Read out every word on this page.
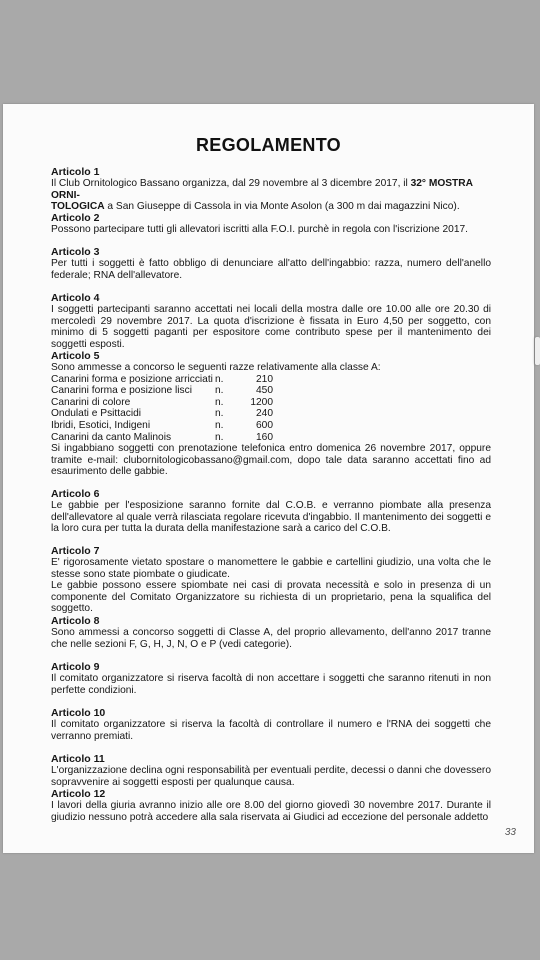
REGOLAMENTO
Articolo 1

Il Club Ornitologico Bassano organizza, dal 29 novembre al 3 dicembre 2017, il 32° MOSTRA ORNI-
TOLOGICA a San Giuseppe di Cassola in via Monte Asolon (a 300 m dai magazzini Nico).

Articolo 2

Possono partecipare tutti gli allevatori iscritti alla F.O.I. purchè in regola con l'iscrizione 2017.

Articolo 3

Per tutti i soggetti è fatto obbligo di denunciare all'atto dell'ingabbio: razza, numero dell'anello federale; RNA dell'allevatore.

Articolo 4

I soggetti partecipanti saranno accettati nei locali della mostra dalle ore 10.00 alle ore 20.30 di mercoledì 29 novembre 2017. La quota d'iscrizione è fissata in Euro 4,50 per soggetto, con minimo di 5 soggetti paganti per espositore come contributo spese per il mantenimento dei soggetti esposti.

Articolo 5

Sono ammesse a concorso le seguenti razze relativamente alla classe A:

Canarini forma e posizione arricciati n.	210
Canarini forma e posizione lisci	n.	450
Canarini di colore	n.	1200
Ondulati e Psittacidi	n.	240
Ibridi, Esotici, Indigeni	n.	600
Canarini da canto Malinois	n.	160

Si ingabbiano soggetti con prenotazione telefonica entro domenica 26 novembre 2017, oppure tramite e-mail: clubornitologicobassano@gmail.com, dopo tale data saranno accettati fino ad esaurimento delle gabbie.

Articolo 6

Le gabbie per l'esposizione saranno fornite dal C.O.B. e verranno piombate alla presenza dell'allevatore al quale verrà rilasciata regolare ricevuta d'ingabbio. Il mantenimento dei soggetti e la loro cura per tutta la durata della manifestazione sarà a carico del C.O.B.

Articolo 7

E' rigorosamente vietato spostare o manomettere le gabbie e cartellini giudizio, una volta che le stesse sono state piombate o giudicate.

Le gabbie possono essere spiombate nei casi di provata necessità e solo in presenza di un componente del Comitato Organizzatore su richiesta di un proprietario, pena la squalifica del soggetto.

Articolo 8

Sono ammessi a concorso soggetti di Classe A, del proprio allevamento, dell'anno 2017 tranne che nelle sezioni F, G, H, J, N, O e P (vedi categorie).

Articolo 9

Il comitato organizzatore si riserva facoltà di non accettare i soggetti che saranno ritenuti in non perfette condizioni.

Articolo 10

Il comitato organizzatore si riserva la facoltà di controllare il numero e l'RNA dei soggetti che verranno premiati.

Articolo 11

L'organizzazione declina ogni responsabilità per eventuali perdite, decessi o danni che dovessero sopravvenire ai soggetti esposti per qualunque causa.

Articolo 12

I lavori della giuria avranno inizio alle ore 8.00 del giorno giovedì 30 novembre 2017. Durante il giudizio nessuno potrà accedere alla sala riservata ai Giudici ad eccezione del personale addetto

33
